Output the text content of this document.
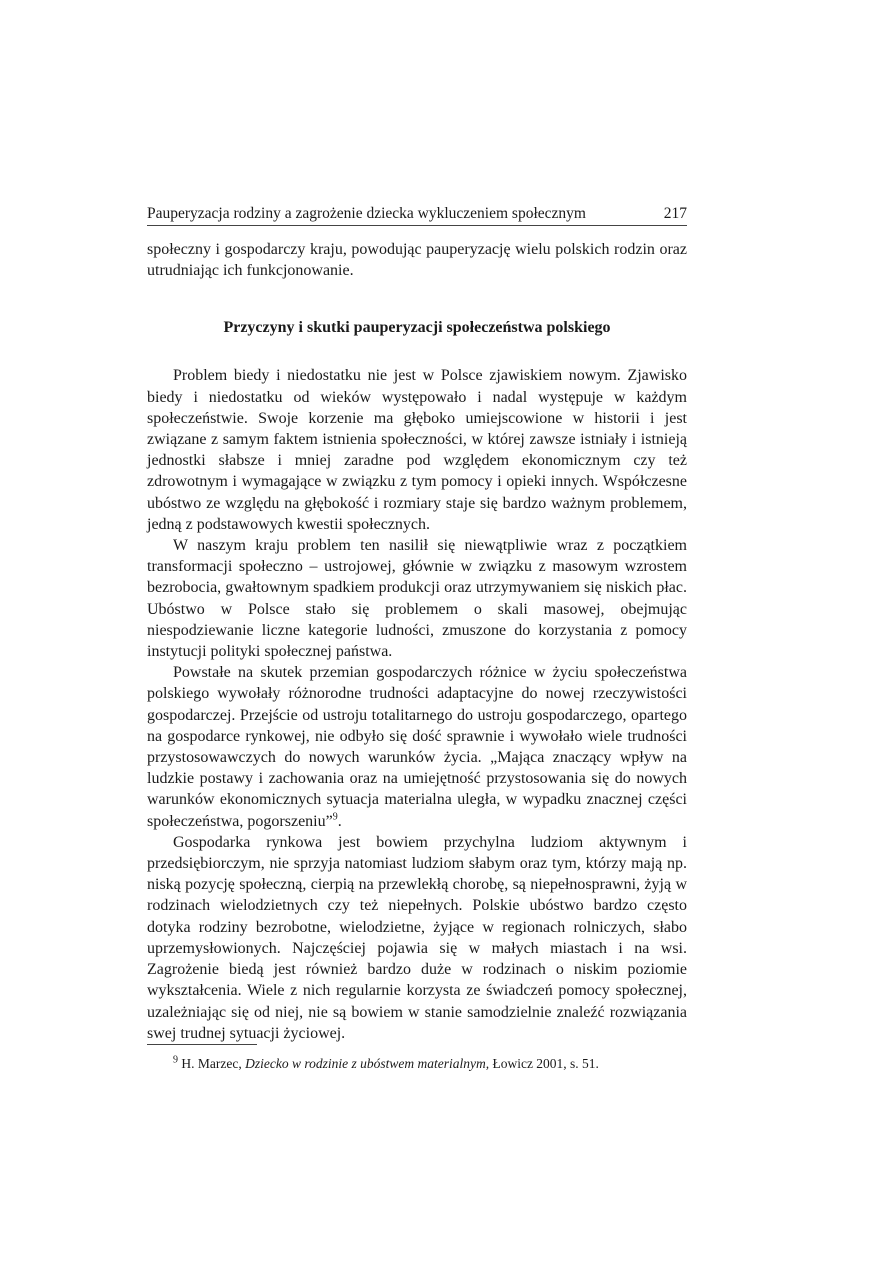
Pauperyzacja rodziny a zagrożenie dziecka wykluczeniem społecznym	217

społeczny i gospodarczy kraju, powodując pauperyzację wielu polskich rodzin oraz utrudniając ich funkcjonowanie.

Przyczyny i skutki pauperyzacji społeczeństwa polskiego

Problem biedy i niedostatku nie jest w Polsce zjawiskiem nowym. Zjawisko biedy i niedostatku od wieków występowało i nadal występuje w każdym społeczeństwie. Swoje korzenie ma głęboko umiejscowione w historii i jest związane z samym faktem istnienia społeczności, w której zawsze istniały i istnieją jednostki słabsze i mniej zaradne pod względem ekonomicznym czy też zdrowotnym i wymagające w związku z tym pomocy i opieki innych. Współczesne ubóstwo ze względu na głębokość i rozmiary staje się bardzo ważnym problemem, jedną z podstawowych kwestii społecznych.

W naszym kraju problem ten nasilił się niewątpliwie wraz z początkiem transformacji społeczno – ustrojowej, głównie w związku z masowym wzrostem bezrobocia, gwałtownym spadkiem produkcji oraz utrzymywaniem się niskich płac. Ubóstwo w Polsce stało się problemem o skali masowej, obejmując niespodziewanie liczne kategorie ludności, zmuszone do korzystania z pomocy instytucji polityki społecznej państwa.

Powstałe na skutek przemian gospodarczych różnice w życiu społeczeństwa polskiego wywołały różnorodne trudności adaptacyjne do nowej rzeczywistości gospodarczej. Przejście od ustroju totalitarnego do ustroju gospodarczego, opartego na gospodarce rynkowej, nie odbyło się dość sprawnie i wywołało wiele trudności przystosowawczych do nowych warunków życia. „Mająca znaczący wpływ na ludzkie postawy i zachowania oraz na umiejętność przystosowania się do nowych warunków ekonomicznych sytuacja materialna uległa, w wypadku znacznej części społeczeństwa, pogorszeniu”$^9$.

Gospodarka rynkowa jest bowiem przychylna ludziom aktywnym i przedsiębiorczym, nie sprzyja natomiast ludziom słabym oraz tym, którzy mają np. niską pozycję społeczną, cierpią na przewlekłą chorobę, są niepełnosprawni, żyją w rodzinach wielodzietnych czy też niepełnych. Polskie ubóstwo bardzo często dotyka rodziny bezrobotne, wielodzietne, żyjące w regionach rolniczych, słabo uprzemysłowionych. Najczęściej pojawia się w małych miastach i na wsi. Zagrożenie biedą jest również bardzo duże w rodzinach o niskim poziomie wykształcenia. Wiele z nich regularnie korzysta ze świadczeń pomocy społecznej, uzależniając się od niej, nie są bowiem w stanie samodzielnie znaleźć rozwiązania swej trudnej sytuacji życiowej.

$^9$ H. Marzec, Dziecko w rodzinie z ubóstwem materialnym, Łowicz 2001, s. 51.
